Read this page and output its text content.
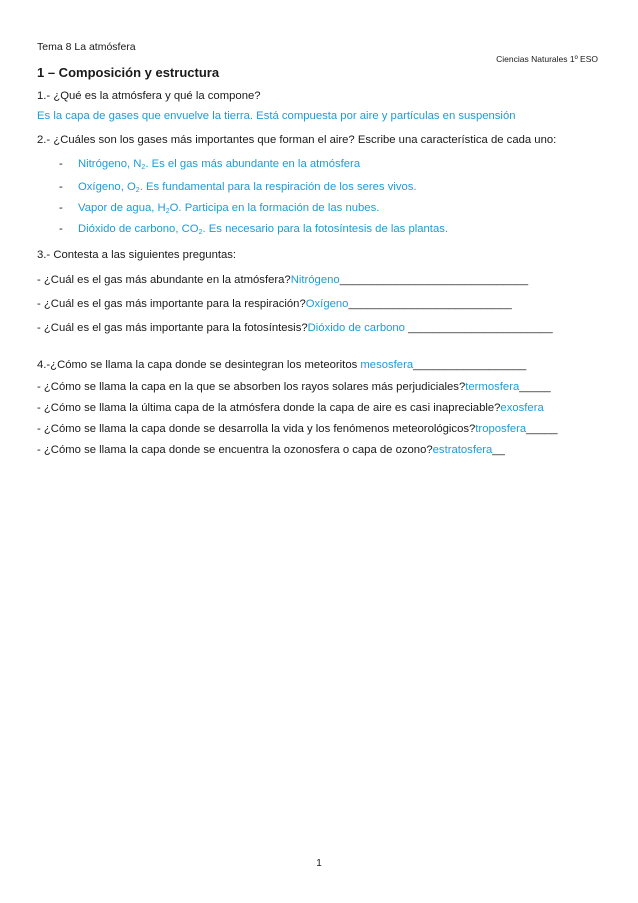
Tema 8 La atmósfera
Ciencias Naturales 1º ESO
1 – Composición y estructura
1.- ¿Qué es la atmósfera y qué la compone?
Es la capa de gases que envuelve la tierra. Está compuesta por aire y partículas en suspensión
2.- ¿Cuáles son los gases más importantes que forman el aire? Escribe una característica de cada uno:
- Nitrógeno, $N_2$. Es el gas más abundante en la atmósfera
- Oxígeno, $O_2$. Es fundamental para la respiración de los seres vivos.
- Vapor de agua, $H_2O$. Participa en la formación de las nubes.
- Dióxido de carbono, $CO_2$. Es necesario para la fotosíntesis de las plantas.
3.- Contesta a las siguientes preguntas:
- ¿Cuál es el gas más abundante en la atmósfera?Nitrógeno______________________________
- ¿Cuál es el gas más importante para la respiración?Oxígeno__________________________
- ¿Cuál es el gas más importante para la fotosíntesis?Dióxido de carbono _______________________
4.-¿Cómo se llama la capa donde se desintegran los meteoritos mesosfera__________________
- ¿Cómo se llama la capa en la que se absorben los rayos solares más perjudiciales?termosfera_____
- ¿Cómo se llama la última capa de la atmósfera donde la capa de aire es casi inapreciable?exosfera
- ¿Cómo se llama la capa donde se desarrolla la vida y los fenómenos meteorológicos?troposfera_____
- ¿Cómo se llama la capa donde se encuentra la ozonosfera o capa de ozono?estratosfera__
1
